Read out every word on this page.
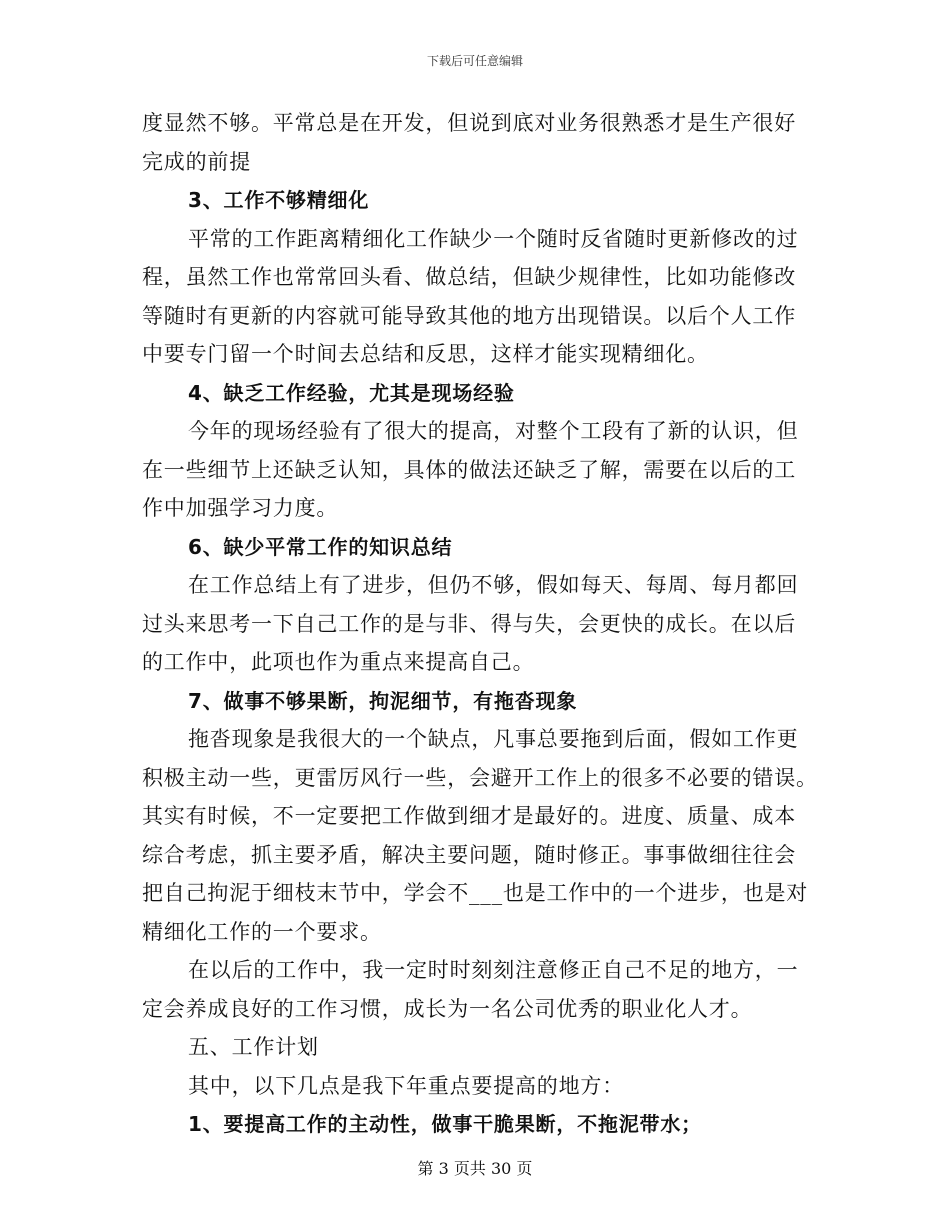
下载后可任意编辑
度显然不够。平常总是在开发，但说到底对业务很熟悉才是生产很好
完成的前提
3、工作不够精细化
平常的工作距离精细化工作缺少一个随时反省随时更新修改的过
程，虽然工作也常常回头看、做总结，但缺少规律性，比如功能修改
等随时有更新的内容就可能导致其他的地方出现错误。以后个人工作
中要专门留一个时间去总结和反思，这样才能实现精细化。
4、缺乏工作经验，尤其是现场经验
今年的现场经验有了很大的提高，对整个工段有了新的认识，但
在一些细节上还缺乏认知，具体的做法还缺乏了解，需要在以后的工
作中加强学习力度。
6、缺少平常工作的知识总结
在工作总结上有了进步，但仍不够，假如每天、每周、每月都回
过头来思考一下自己工作的是与非、得与失，会更快的成长。在以后
的工作中，此项也作为重点来提高自己。
7、做事不够果断，拘泥细节，有拖沓现象
拖沓现象是我很大的一个缺点，凡事总要拖到后面，假如工作更
积极主动一些，更雷厉风行一些，会避开工作上的很多不必要的错误。
其实有时候，不一定要把工作做到细才是最好的。进度、质量、成本
综合考虑，抓主要矛盾，解决主要问题，随时修正。事事做细往往会
把自己拘泥于细枝末节中，学会不___也是工作中的一个进步，也是对
精细化工作的一个要求。
在以后的工作中，我一定时时刻刻注意修正自己不足的地方，一
定会养成良好的工作习惯，成长为一名公司优秀的职业化人才。
五、工作计划
其中，以下几点是我下年重点要提高的地方：
1、要提高工作的主动性，做事干脆果断，不拖泥带水；
第 3 页共 30 页
